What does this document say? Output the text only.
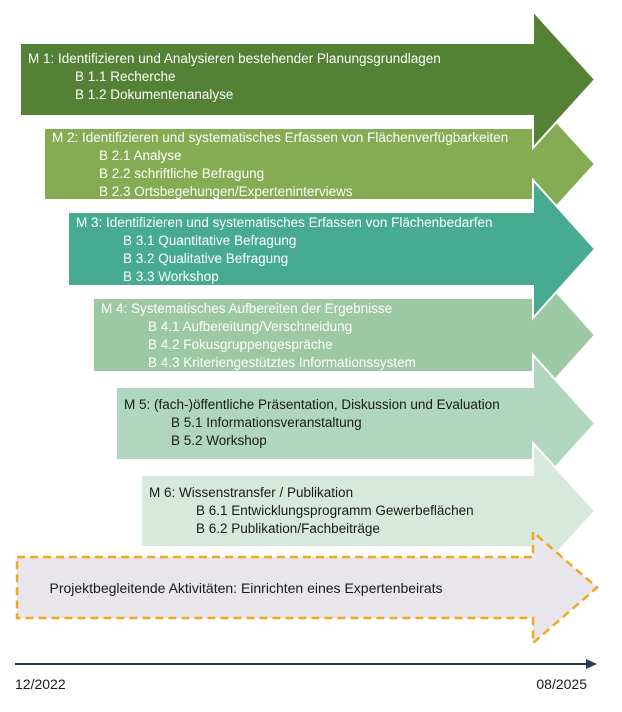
M 1: Identifizieren und Analysieren bestehender Planungsgrundlagen
B 1.1 Recherche
B 1.2 Dokumentenanalyse
M 2: Identifizieren und systematisches Erfassen von Flächenverfügbarkeiten
B 2.1 Analyse
B 2.2 schriftliche Befragung
B 2.3 Ortsbegehungen/Experteninterviews
M 3: Identifizieren und systematisches Erfassen von Flächenbedarfen
B 3.1 Quantitative Befragung
B 3.2 Qualitative Befragung
B 3.3 Workshop
M 4: Systematisches Aufbereiten der Ergebnisse
B 4.1 Aufbereitung/Verschneidung
B 4.2 Fokusgruppengespräche
B 4.3 Kriteriengestütztes Informationssystem
M 5: (fach-)öffentliche Präsentation, Diskussion und Evaluation
B 5.1 Informationsveranstaltung
B 5.2 Workshop
M 6: Wissenstransfer / Publikation
B 6.1 Entwicklungsprogramm Gewerbeflächen
B 6.2 Publikation/Fachbeiträge
Projektbegleitende Aktivitäten: Einrichten eines Expertenbeirats
12/2022	08/2025
